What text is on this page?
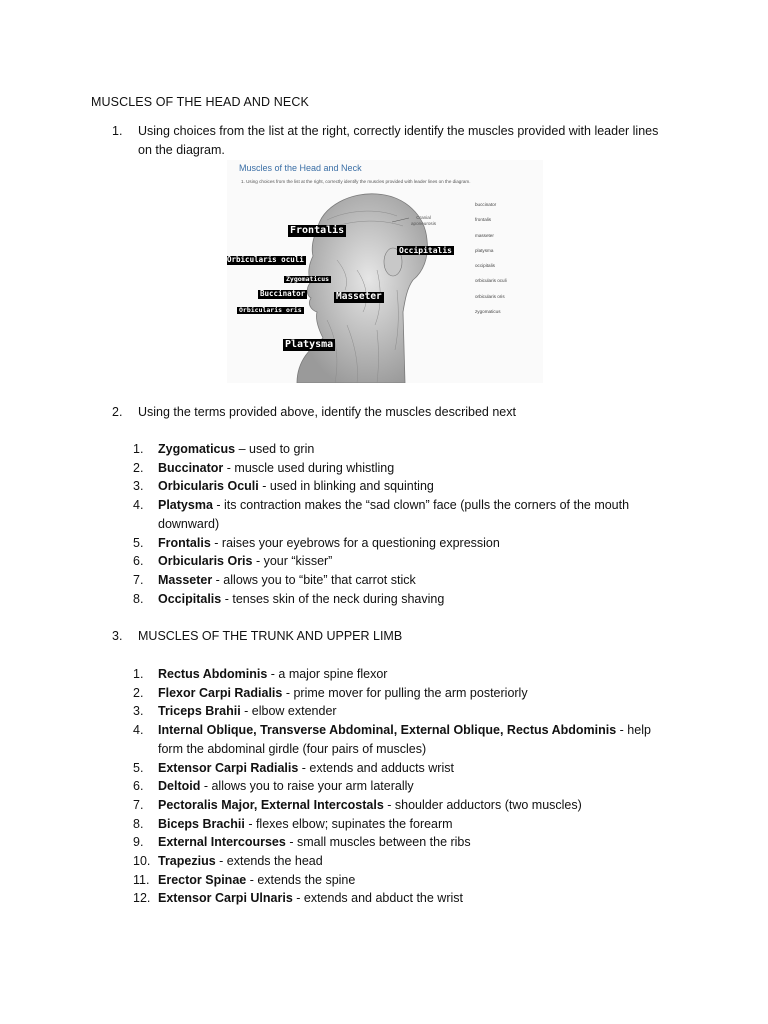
MUSCLES OF THE HEAD AND NECK
1. Using choices from the list at the right, correctly identify the muscles provided with leader lines
on the diagram.
Muscles of the Head and Neck
1. Using choices from the list at the right, correctly identify the muscles provided with leader lines on the diagram.
Cranial
aponeurosis
buccinator
frontalis
masseter
platysma
occipitalis
orbicularis oculi
orbicularis oris
zygomaticus
Frontalis
Occipitalis
Orbicularis oculi
Zygomaticus
Buccinator	Masseter
Orbicularis oris
Platysma
2. Using the terms provided above, identify the muscles described next
1. Zygomaticus – used to grin
2. Buccinator - muscle used during whistling
3. Orbicularis Oculi - used in blinking and squinting
4. Platysma - its contraction makes the “sad clown” face (pulls the corners of the mouth downward)
5. Frontalis - raises your eyebrows for a questioning expression
6. Orbicularis Oris - your “kisser”
7. Masseter - allows you to “bite” that carrot stick
8. Occipitalis - tenses skin of the neck during shaving
3. MUSCLES OF THE TRUNK AND UPPER LIMB
1. Rectus Abdominis - a major spine flexor
2. Flexor Carpi Radialis - prime mover for pulling the arm posteriorly
3. Triceps Brahii - elbow extender
4. Internal Oblique, Transverse Abdominal, External Oblique, Rectus Abdominis - help form the abdominal girdle (four pairs of muscles)
5. Extensor Carpi Radialis - extends and adducts wrist
6. Deltoid - allows you to raise your arm laterally
7. Pectoralis Major, External Intercostals - shoulder adductors (two muscles)
8. Biceps Brachii - flexes elbow; supinates the forearm
9. External Intercourses - small muscles between the ribs
10. Trapezius - extends the head
11. Erector Spinae - extends the spine
12. Extensor Carpi Ulnaris - extends and abduct the wrist
